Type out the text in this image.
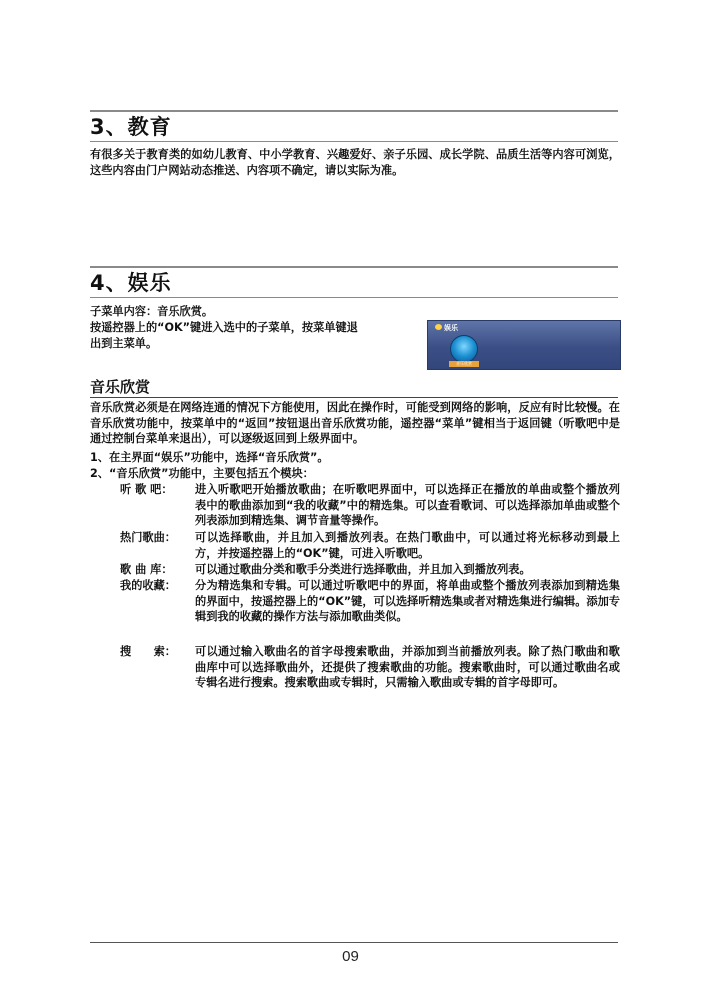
3、教育

有很多关于教育类的如幼儿教育、中小学教育、兴趣爱好、亲子乐园、成长学院、品质生活等内容可浏览，这些内容由门户网站动态推送、内容项不确定，请以实际为准。

4、娱乐
子菜单内容：音乐欣赏。
按遥控器上的“OK”键进入选中的子菜单，按菜单键退
出到主菜单。
娱乐
音乐欣赏
音乐欣赏

音乐欣赏必须是在网络连通的情况下方能使用，因此在操作时，可能受到网络的影响，反应有时比较慢。在音乐欣赏功能中，按菜单中的“返回”按钮退出音乐欣赏功能，遥控器“菜单”键相当于返回键（听歌吧中是通过控制台菜单来退出），可以逐级返回到上级界面中。

1、在主界面“娱乐”功能中，选择“音乐欣赏”。
2、“音乐欣赏”功能中，主要包括五个模块：
听 歌 吧：	进入听歌吧开始播放歌曲；在听歌吧界面中，可以选择正在播放的单曲或整个播放列表中的歌曲添加到“我的收藏”中的精选集。可以查看歌词、可以选择添加单曲或整个列表添加到精选集、调节音量等操作。

热门歌曲：	可以选择歌曲，并且加入到播放列表。在热门歌曲中，可以通过将光标移动到最上方，并按遥控器上的“OK”键，可进入听歌吧。

歌 曲 库：	可以通过歌曲分类和歌手分类进行选择歌曲，并且加入到播放列表。

我的收藏：	分为精选集和专辑。可以通过听歌吧中的界面，将单曲或整个播放列表添加到精选集的界面中，按遥控器上的“OK”键，可以选择听精选集或者对精选集进行编辑。添加专辑到我的收藏的操作方法与添加歌曲类似。

搜　　索：	可以通过输入歌曲名的首字母搜索歌曲，并添加到当前播放列表。除了热门歌曲和歌曲库中可以选择歌曲外，还提供了搜索歌曲的功能。搜索歌曲时，可以通过歌曲名或专辑名进行搜索。搜索歌曲或专辑时，只需输入歌曲或专辑的首字母即可。

09
